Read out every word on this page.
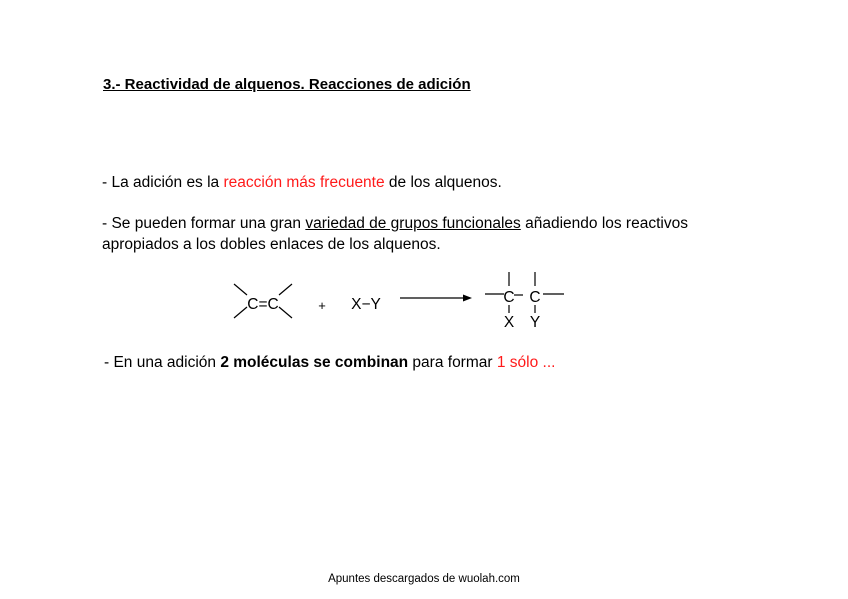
3.- Reactividad de alquenos. Reacciones de adición
- La adición es la reacción más frecuente de los alquenos.
- Se pueden formar una gran variedad de grupos funcionales añadiendo los reactivos
apropiados a los dobles enlaces de los alquenos.
C=C	+ X−Y	C C
X Y
- En una adición 2 moléculas se combinan para formar 1 sólo ...
Apuntes descargados de wuolah.com
